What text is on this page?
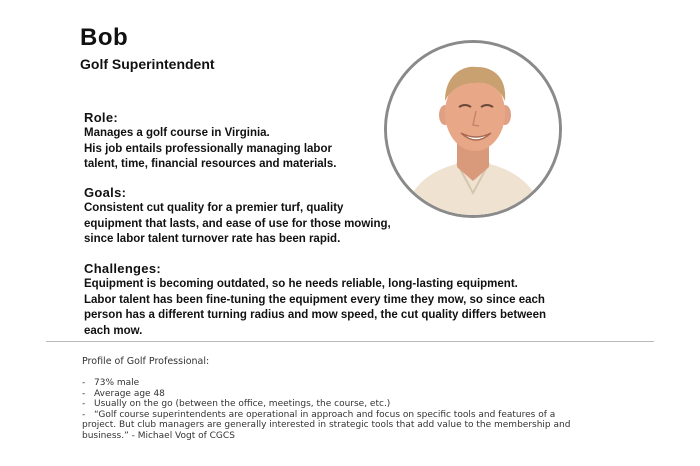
Bob
Golf Superintendent
Role:
Manages a golf course in Virginia.
His job entails professionally managing labor
talent, time, financial resources and materials.
Goals:
Consistent cut quality for a premier turf, quality
equipment that lasts, and ease of use for those mowing,
since labor talent turnover rate has been rapid.
Challenges:
Equipment is becoming outdated, so he needs reliable, long-lasting equipment.
Labor talent has been fine-tuning the equipment every time they mow, so since each
person has a different turning radius and mow speed, the cut quality differs between
each mow.

Profile of Golf Professional:

- 73% male
- Average age 48
- Usually on the go (between the office, meetings, the course, etc.)
- “Golf course superintendents are operational in approach and focus on specific tools and features of a
project. But club managers are generally interested in strategic tools that add value to the membership and
business.” - Michael Vogt of CGCS
